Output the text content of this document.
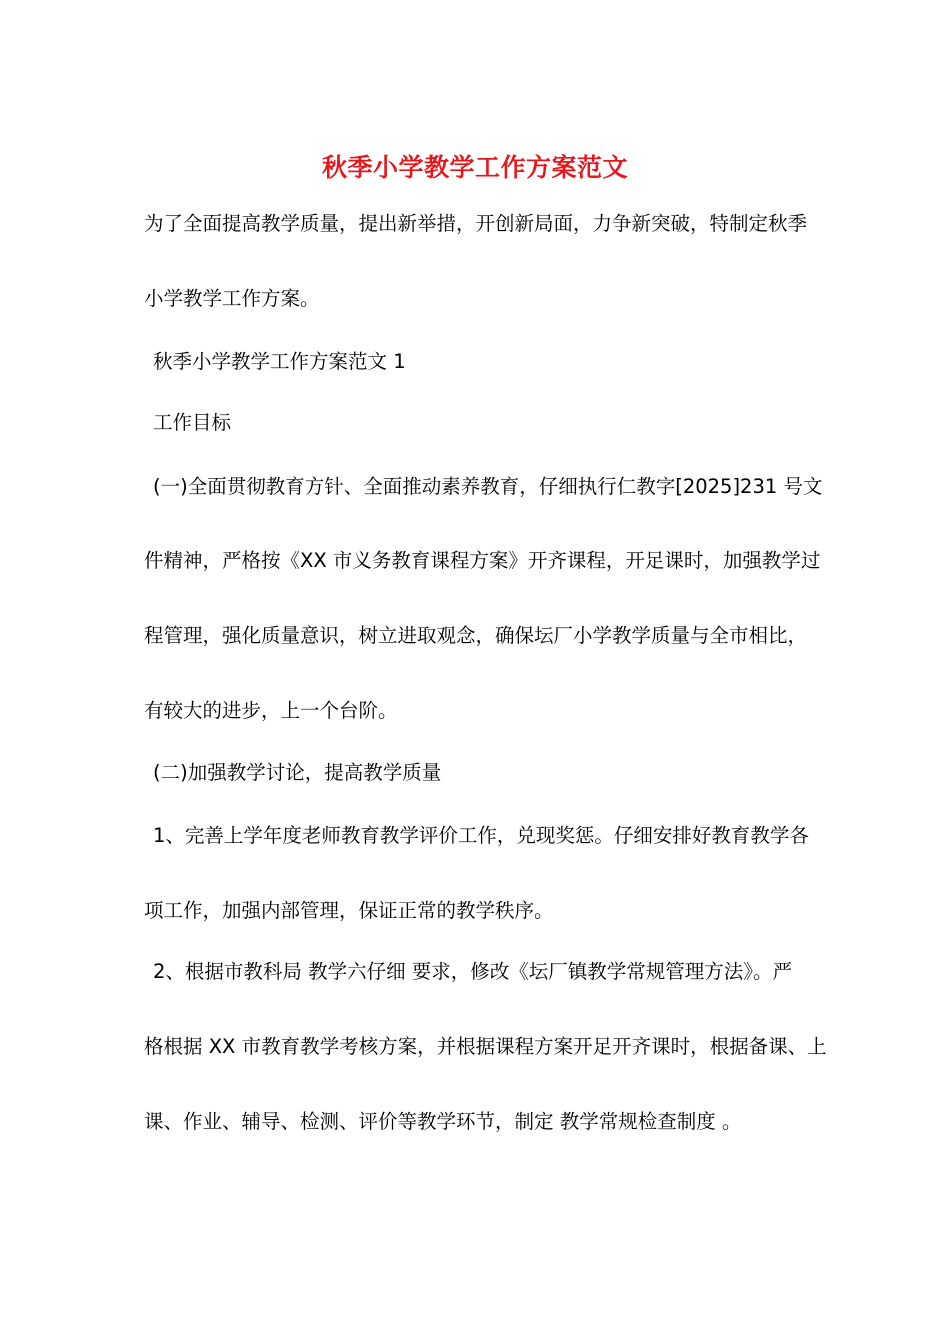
秋季小学教学工作方案范文
为了全面提高教学质量，提出新举措，开创新局面，力争新突破，特制定秋季
小学教学工作方案。
秋季小学教学工作方案范文 1
工作目标
(一)全面贯彻教育方针、全面推动素养教育，仔细执行仁教字[2025]231 号文
件精神，严格按《XX 市义务教育课程方案》开齐课程，开足课时，加强教学过
程管理，强化质量意识，树立进取观念，确保坛厂小学教学质量与全市相比，
有较大的进步，上一个台阶。
(二)加强教学讨论，提高教学质量
1、完善上学年度老师教育教学评价工作，兑现奖惩。仔细安排好教育教学各
项工作，加强内部管理，保证正常的教学秩序。
2、根据市教科局 教学六仔细 要求，修改《坛厂镇教学常规管理方法》。严
格根据 XX 市教育教学考核方案，并根据课程方案开足开齐课时，根据备课、上
课、作业、辅导、检测、评价等教学环节，制定 教学常规检查制度 。
